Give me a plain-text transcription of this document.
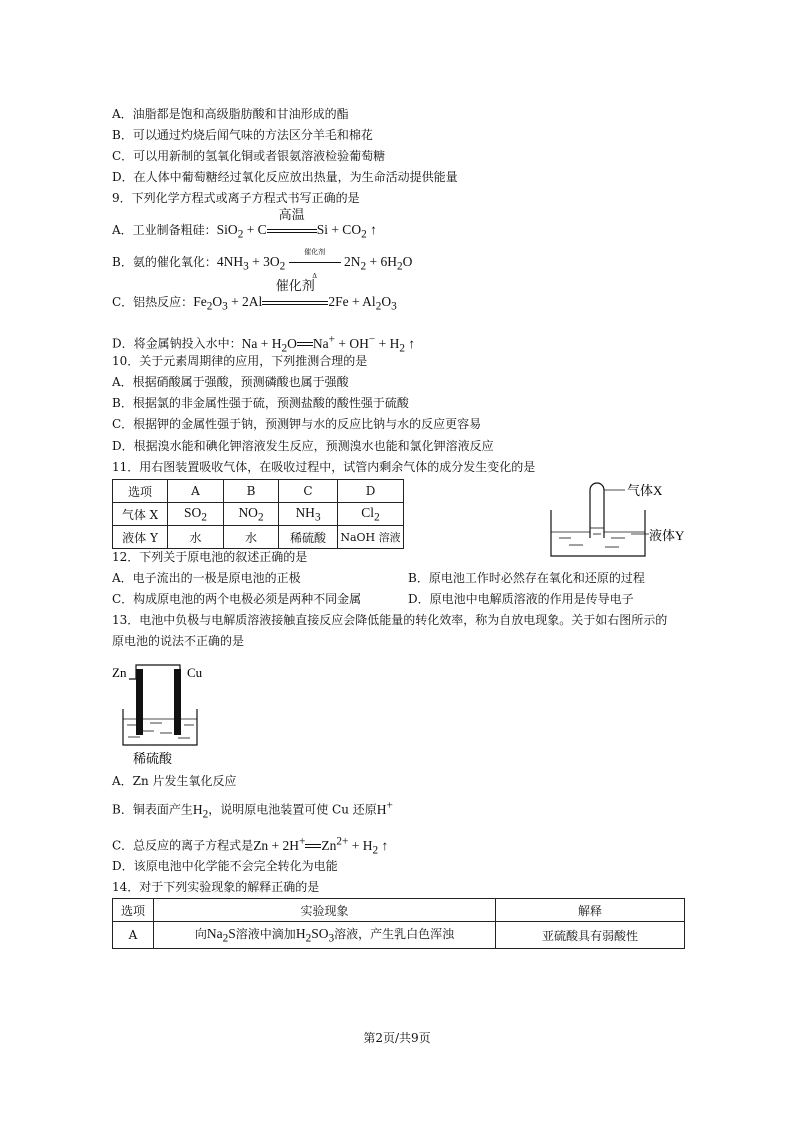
A．油脂都是饱和高级脂肪酸和甘油形成的酯
B．可以通过灼烧后闻气味的方法区分羊毛和棉花
C．可以用新制的氢氧化铜或者银氨溶液检验葡萄糖
D．在人体中葡萄糖经过氧化反应放出热量，为生命活动提供能量
9．下列化学方程式或离子方程式书写正确的是
A．工业制备粗硅：SiO$_2$ + C
高温
$Si + CO_2$ ↑
B．氨的催化氧化：$4NH_3 + 3O_2$
催化剂
Δ
$2N_2 + 6H_2O$
C．铝热反应：$Fe_2O_3 + 2Al$
催化剂
$2Fe + Al_2O_3$
D．将金属钠投入水中：$Na + H_2O$ $Na^+ + OH^- + H_2$ ↑
10．关于元素周期律的应用，下列推测合理的是
A．根据硝酸属于强酸，预测磷酸也属于强酸
B．根据氯的非金属性强于硫，预测盐酸的酸性强于硫酸
C．根据钾的金属性强于钠，预测钾与水的反应比钠与水的反应更容易
D．根据溴水能和碘化钾溶液发生反应，预测溴水也能和氯化钾溶液反应
11．用右图装置吸收气体，在吸收过程中，试管内剩余气体的成分发生变化的是
选项	A	B	C	D
气体 X	$SO_2$	$NO_2$	$NH_3$	$Cl_2$
液体 Y	水	水	稀硫酸	NaOH 溶液
气体X
液体Y
12．下列关于原电池的叙述正确的是
A．电子流出的一极是原电池的正极	B．原电池工作时必然存在氧化和还原的过程
C．构成原电池的两个电极必须是两种不同金属	D．原电池中电解质溶液的作用是传导电子
13．电池中负极与电解质溶液接触直接反应会降低能量的转化效率，称为自放电现象。关于如右图所示的
原电池的说法不正确的是
Zn	Cu
稀硫酸
A．Zn 片发生氧化反应
B．铜表面产生$H_2$，说明原电池装置可使 Cu 还原H+
C．总反应的离子方程式是Zn + 2H+ $Zn^{2+} + H_2$ ↑
D．该原电池中化学能不会完全转化为电能
14．对于下列实验现象的解释正确的是
选项	实验现象	解释
A	向$Na_2S$溶液中滴加$H_2SO_3$溶液，产生乳白色浑浊	亚硫酸具有弱酸性
第2页/共9页
